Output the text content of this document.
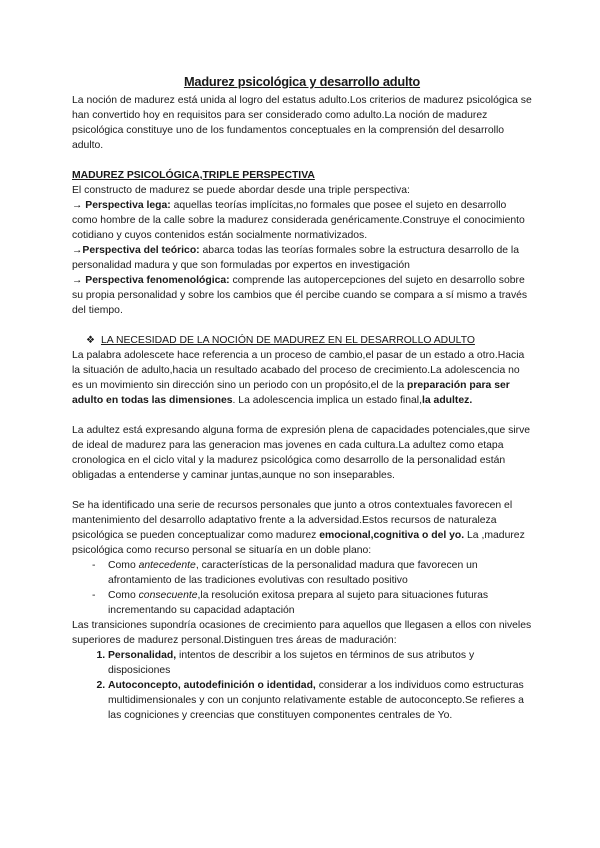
Madurez psicológica y desarrollo adulto

La noción de madurez está unida al logro del estatus adulto.Los criterios de madurez psicológica se han convertido hoy en requisitos para ser considerado como adulto.La noción de madurez psicológica constituye uno de los fundamentos conceptuales en la comprensión del desarrollo adulto.

MADUREZ PSICOLÓGICA,TRIPLE PERSPECTIVA

El constructo de madurez se puede abordar desde una triple perspectiva:

→ Perspectiva lega: aquellas teorías implícitas,no formales que posee el sujeto en desarrollo como hombre de la calle sobre la madurez considerada genéricamente.Construye el conocimiento cotidiano y cuyos contenidos están socialmente normativizados.

→Perspectiva del teórico: abarca todas las teorías formales sobre la estructura desarrollo de la personalidad madura y que son formuladas por expertos en investigación

→ Perspectiva fenomenológica: comprende las autopercepciones del sujeto en desarrollo sobre su propia personalidad y sobre los cambios que él percibe cuando se compara a sí mismo a través del tiempo.

❖ LA NECESIDAD DE LA NOCIÓN DE MADUREZ EN EL DESARROLLO ADULTO

La palabra adolescete hace referencia a un proceso de cambio,el pasar de un estado a otro.Hacia la situación de adulto,hacia un resultado acabado del proceso de crecimiento.La adolescencia no es un movimiento sin dirección sino un periodo con un propósito,el de la preparación para ser adulto en todas las dimensiones. La adolescencia implica un estado final,la adultez.

La adultez está expresando alguna forma de expresión plena de capacidades potenciales,que sirve de ideal de madurez para las generacion mas jovenes en cada cultura.La adultez como etapa cronologica en el ciclo vital y la madurez psicológica como desarrollo de la personalidad están obligadas a entenderse y caminar juntas,aunque no son inseparables.

Se ha identificado una serie de recursos personales que junto a otros contextuales favorecen el mantenimiento del desarrollo adaptativo frente a la adversidad.Estos recursos de naturaleza psicológica se pueden conceptualizar como madurez emocional,cognitiva o del yo. La ,madurez psicológica como recurso personal se situaría en un doble plano:

- Como antecedente, características de la personalidad madura que favorecen un afrontamiento de las tradiciones evolutivas con resultado positivo
- Como consecuente,la resolución exitosa prepara al sujeto para situaciones futuras incrementando su capacidad adaptación

Las transiciones supondría ocasiones de crecimiento para aquellos que llegasen a ellos con niveles superiores de madurez personal.Distinguen tres áreas de maduración:

1. Personalidad, intentos de describir a los sujetos en términos de sus atributos y disposiciones
2. Autoconcepto, autodefinición o identidad, considerar a los individuos como estructuras multidimensionales y con un conjunto relativamente estable de autoconcepto.Se refieres a las cogniciones y creencias que constituyen componentes centrales de Yo.
